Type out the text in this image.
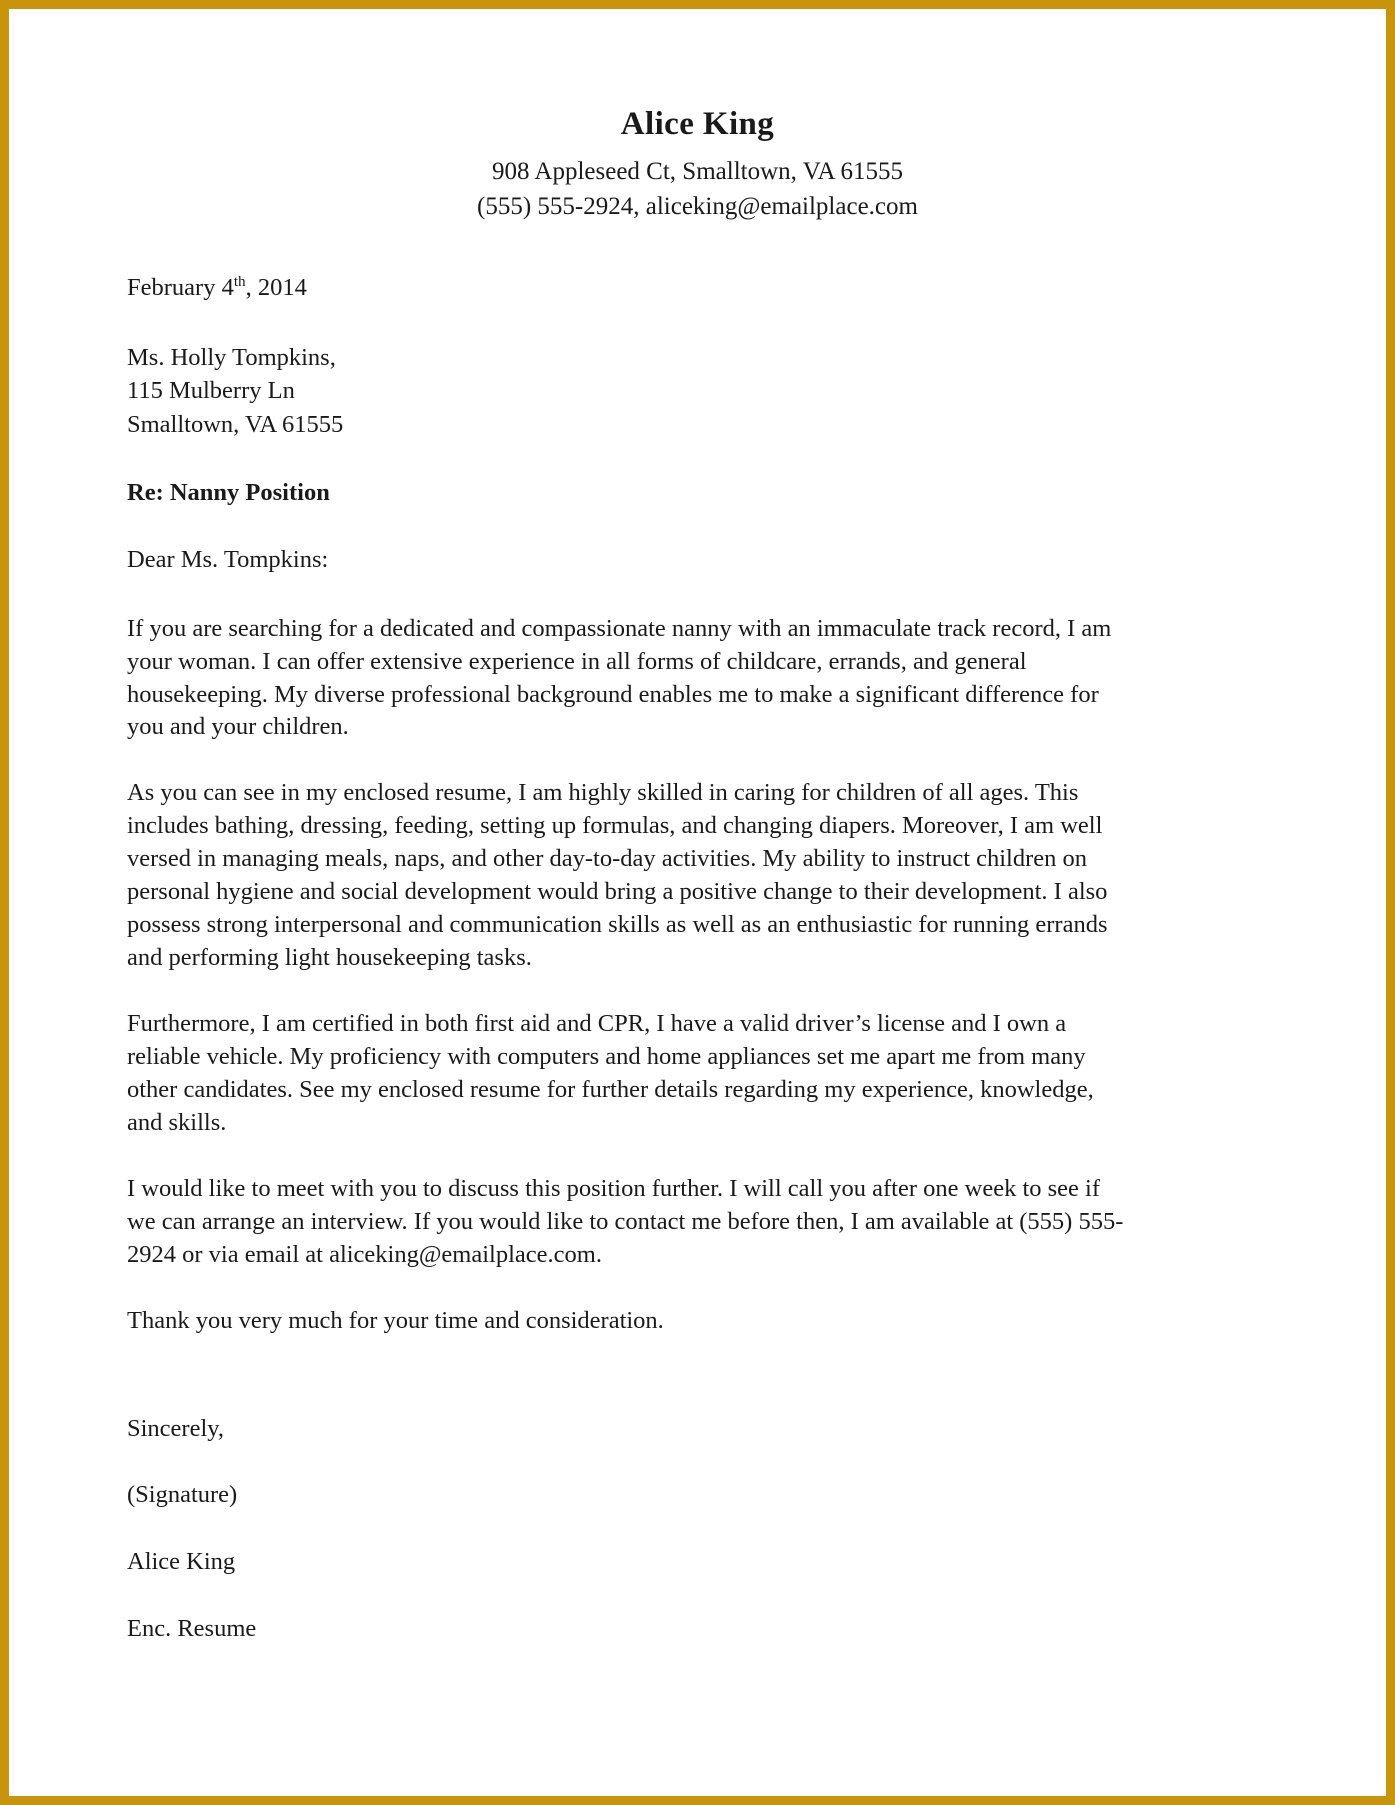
Alice King

908 Appleseed Ct, Smalltown, VA 61555

(555) 555-2924, aliceking@emailplace.com

February 4th, 2014

Ms. Holly Tompkins,

115 Mulberry Ln

Smalltown, VA 61555

Re: Nanny Position

Dear Ms. Tompkins:

If you are searching for a dedicated and compassionate nanny with an immaculate track record, I am your woman. I can offer extensive experience in all forms of childcare, errands, and general housekeeping. My diverse professional background enables me to make a significant difference for you and your children.

As you can see in my enclosed resume, I am highly skilled in caring for children of all ages. This includes bathing, dressing, feeding, setting up formulas, and changing diapers. Moreover, I am well versed in managing meals, naps, and other day-to-day activities. My ability to instruct children on personal hygiene and social development would bring a positive change to their development. I also possess strong interpersonal and communication skills as well as an enthusiastic for running errands and performing light housekeeping tasks.

Furthermore, I am certified in both first aid and CPR, I have a valid driver’s license and I own a reliable vehicle. My proficiency with computers and home appliances set me apart me from many other candidates. See my enclosed resume for further details regarding my experience, knowledge, and skills.

I would like to meet with you to discuss this position further. I will call you after one week to see if we can arrange an interview. If you would like to contact me before then, I am available at (555) 555-2924 or via email at aliceking@emailplace.com.

Thank you very much for your time and consideration.

Sincerely,

(Signature)

Alice King

Enc. Resume
